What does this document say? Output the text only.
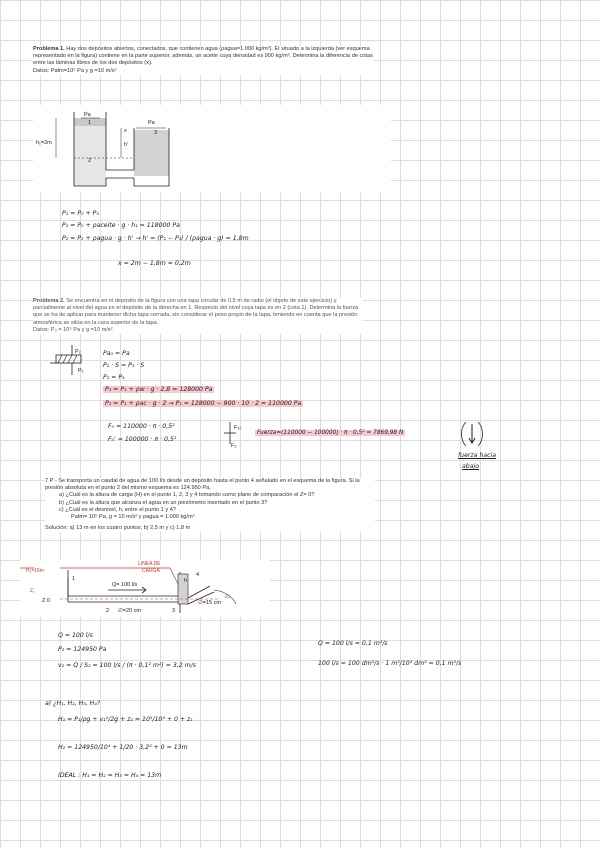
Problema 1. Hay dos depósitos abiertos, conectados, que contienen agua (ρagua=1.000 kg/m³). El situado a la izquierda (ver esquema representado en la figura) contiene en la parte superior, además, un aceite cuya densidad es 900 kg/m³. Determina la diferencia de cotas entre las láminas libres de los dos depósitos (x).
Datos: Patm=10⁵ Pa y g =10 m/s²
h₁=2m
Pa
Pa
x
h'
1
2
3
P₁ = P₀ + P₃
P₂ = P₀ + ρaceite · g · h₁ = 118000 Pa
P₂ = P₃ + ρagua · g · h' → h' = (P₂ − P₃) / (ρagua · g) = 1,8m
x = 2m − 1,8m = 0,2m
Problema 2. Se encuentra en el depósito de la figura con una tapa circular de 0,5 m de radio (el objeto de este ejercicio) y parcialmente al nivel del agua en el depósito de la derecha en 1. Respecto del nivel cuya tapa es en 2 (cota 1). Determina la fuerza que se ha de aplicar para mantener dicha tapa cerrada, sin considerar el peso propio de la tapa, teniendo en cuenta que la presión atmosférica se sitúa en la cara superior de la tapa.
Datos: P₀ = 10⁵ Pa y g =10 m/s²
P₂
P₁
Pa₀ = Pa
P₂ · S = P₃ · S
P₂ = P₃
P₃ = P₁ + ρw · g · 2,8 = 128000 Pa
P₂ = P₁ + ρac · g · 2 → P₁ = 128000 − 900 · 10 · 2 = 110000 Pa
F₀ = 110000 · π · 0,5²
F₀' = 100000 · π · 0,5²
F₁₀
F₂
Fuerza=(110000 − 100000) · π · 0,5² = 7869,98 N
fuerza hacia
abajo
7 P - Se transporta un caudal de agua de 100 l/s desde un depósito hasta el punto 4 señalado en el esquema de la figura. Si la presión absoluta en el punto 2 del mismo esquema es 124.950 Pa,
a) ¿Cuál es la altura de carga (H) en el punto 1, 2, 3 y 4 tomando como plano de comparación el Z= 0?
b) ¿Cuál es la altura que alcanza el agua en un piezómetro insertado en el punto 3?
c) ¿Cuál es el desnivel, h, entre el punto 1 y 4?
Patm= 10⁵ Pa, g = 10 m/s² y ρagua = 1.000 kg/m³
Solución: a) 13 m en los cuatro puntos; b) 2,5 m y c) 1,8 m
H₁=15m
LINEA DE
CARGA
Q= 100 l/s
∅=20 cm
∅=15 cm
h
1
2	3
4
Z₁
Z 0
Z₄
Q = 100 l/s
P₂ = 124950 Pa
v₂ = Q / S₂ = 100 l/s / (π · 0,1² m²) = 3,2 m/s
Q = 100 l/s = 0,1 m³/s
100 l/s = 100 dm³/s · 1 m³/10³ dm³ = 0,1 m³/s
a) ¿H₁, H₂, H₃, H₄?
H₁ = P₁/ρg + v₁²/2g + z₁ = 10⁵/10⁴ + 0 + z₁
H₂ = 124950/10⁴ + 1/20 · 3,2² + 0 = 13m
IDEAL : H₁ = H₂ = H₃ = H₄ = 13m
